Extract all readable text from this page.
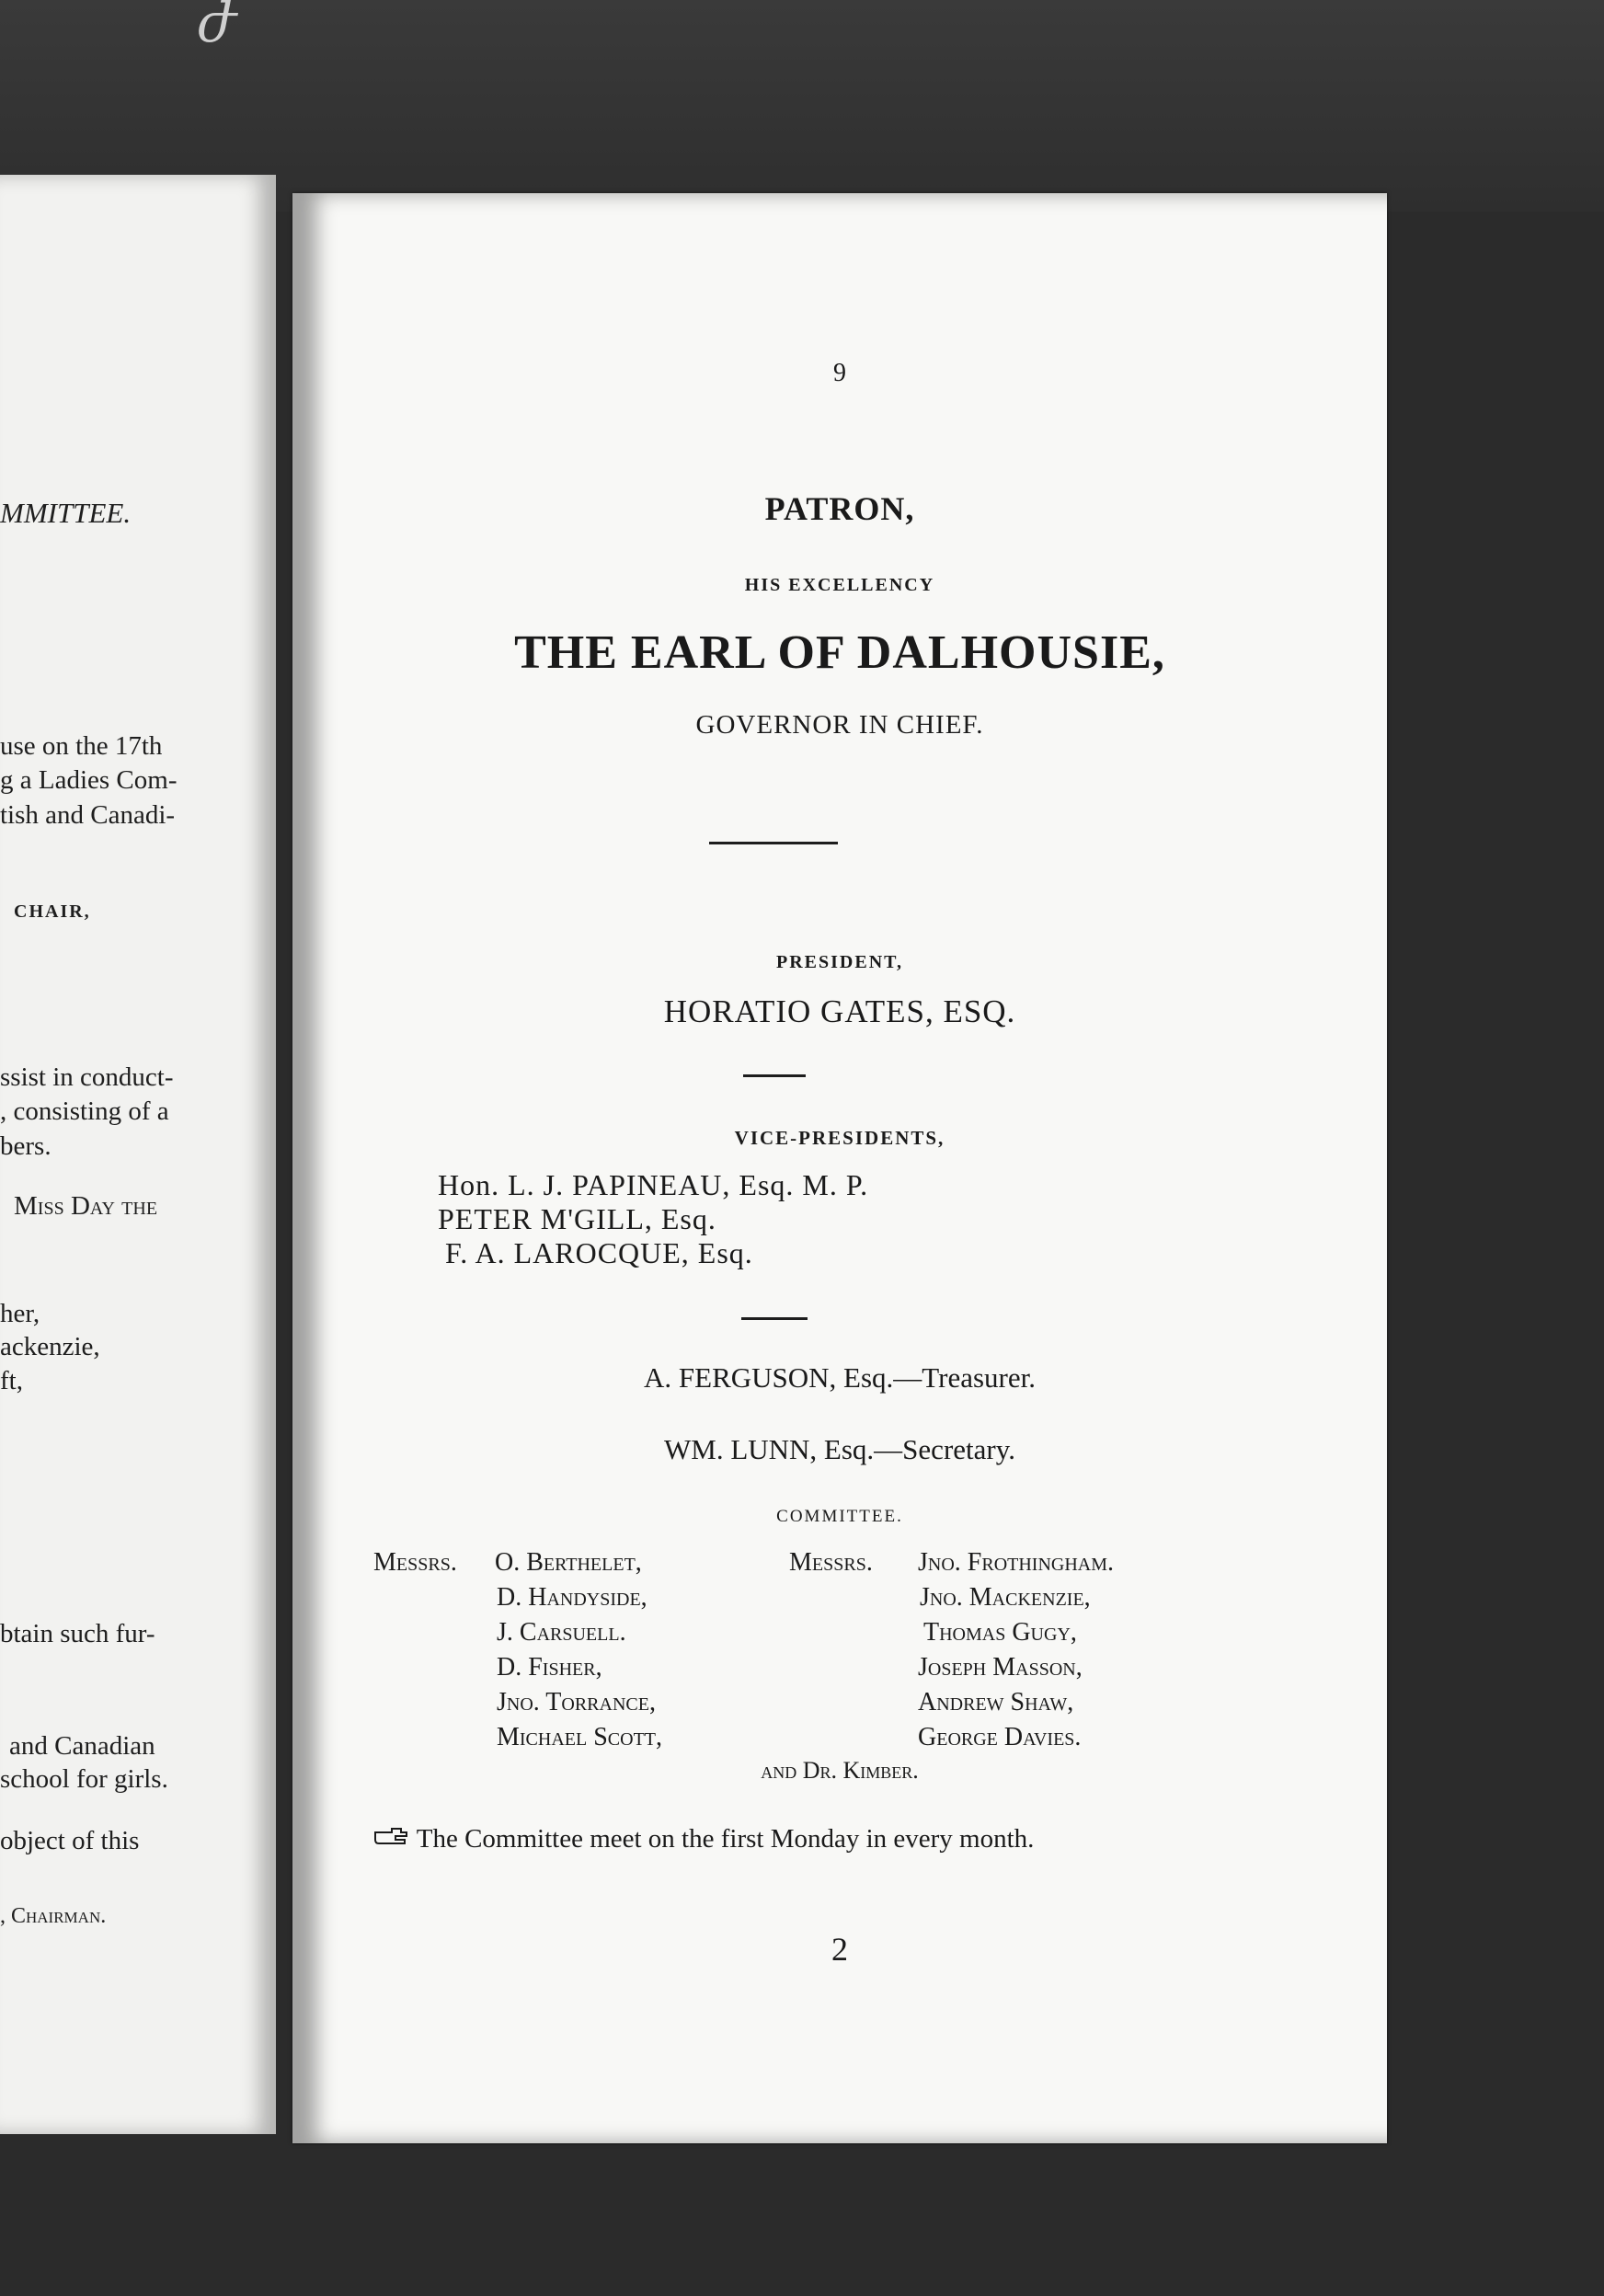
ժ
MMITTEE.
use on the 17th
g a Ladies Com-
tish and Canadi-
CHAIR,
ssist in conduct-
, consisting of a
bers.
Miss Day the
her,
ackenzie,
ft,
btain such fur-
and Canadian
school for girls.
object of this
, Chairman.
9
PATRON,
HIS EXCELLENCY
THE EARL OF DALHOUSIE,
GOVERNOR IN CHIEF.
PRESIDENT,
HORATIO GATES, ESQ.
VICE-PRESIDENTS,
Hon. L. J. PAPINEAU, Esq. M. P.
PETER M'GILL, Esq.
F. A. LAROCQUE, Esq.
A. FERGUSON, Esq.—Treasurer.
WM. LUNN, Esq.—Secretary.
COMMITTEE.
Messrs. O. Berthelet,
D. Handyside,
J. Carsuell.
D. Fisher,
Jno. Torrance,
Michael Scott,
Messrs. Jno. Frothingham.
Jno. Mackenzie,
Thomas Gugy,
Joseph Masson,
Andrew Shaw,
George Davies.
and Dr. Kimber.
The Committee meet on the first Monday in every month.
2
